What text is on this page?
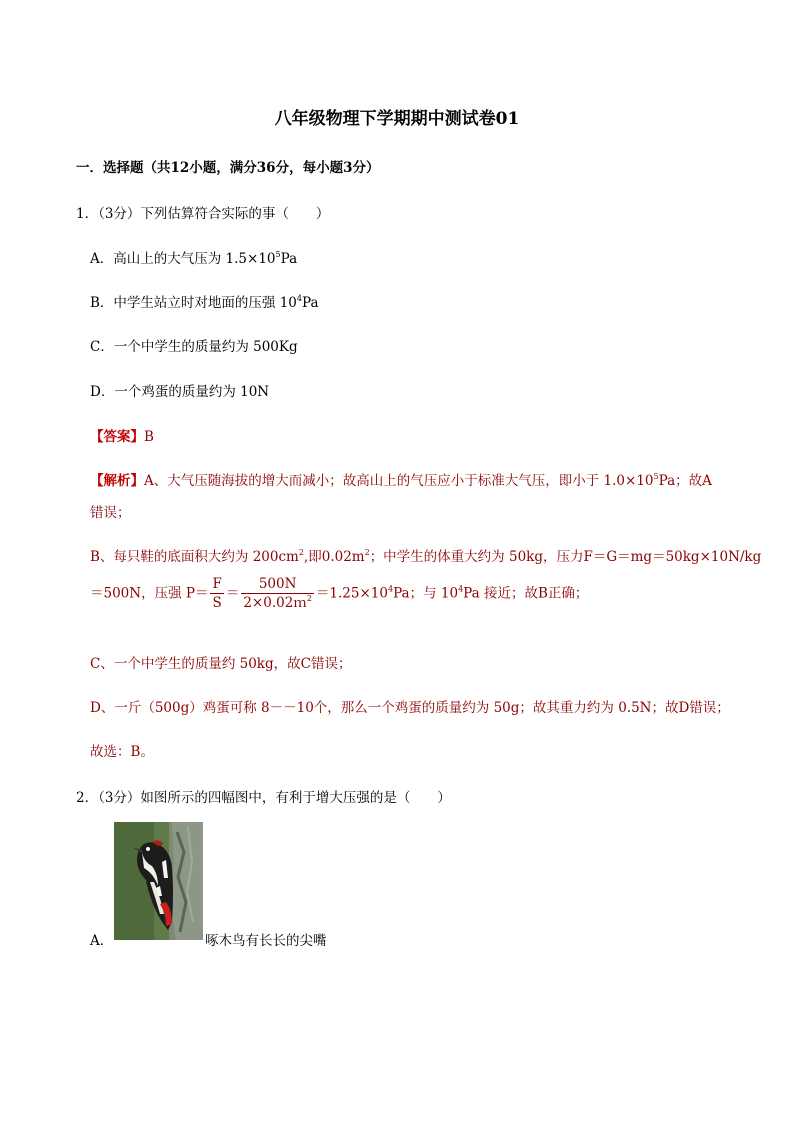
八年级物理下学期期中测试卷01
一．选择题（共12小题，满分36分，每小题3分）
1．（3分）下列估算符合实际的事（　　）
A．高山上的大气压为 $1.5\times 10^5Pa$
B．中学生站立时对地面的压强 $10^4Pa$
C．一个中学生的质量约为 500Kg
D．一个鸡蛋的质量约为 10N
【答案】B
【解析】A、大气压随海拔的增大而减小；故高山上的气压应小于标准大气压，即小于 $1.0\times 10^5Pa$；故A
错误；
B、每只鞋的底面积大约为 $200cm^2$,即$0.02m^2$；中学生的体重大约为 50kg，压力F＝G＝mg＝50kg×10N/kg
＝500N，压强 $P= \frac{F}{S} = \frac{500N}{2\times 0.02m^2} =1.25\times 10^4Pa$；与 $10^4Pa$ 接近；故B正确；
C、一个中学生的质量约 50kg，故C错误；
D、一斤（500g）鸡蛋可称 8－－10个，那么一个鸡蛋的质量约为 50g；故其重力约为 0.5N；故D错误；
故选：B。
2．（3分）如图所示的四幅图中，有利于增大压强的是（　　）
A．	啄木鸟有长长的尖嘴
